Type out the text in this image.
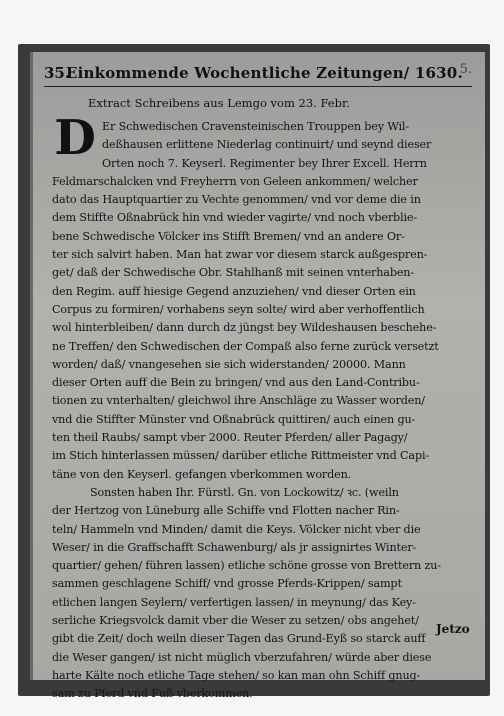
35.
Einkommende Wochentliche Zeitungen/ 1630.
5.
Extract Schreibens aus Lemgo vom 23. Febr.
D Er Schwedischen Cravensteinischen Trouppen bey Wil-
deßhausen erlittene Niederlag continuirt/ und seynd dieser
Orten noch 7. Keyserl. Regimenter bey Ihrer Excell. Herrn
Feldmarschalcken vnd Freyherrn von Geleen ankommen/ welcher
dato das Hauptquartier zu Vechte genommen/ vnd vor deme die in
dem Stiffte Oßnabrück hin vnd wieder vagirte/ vnd noch vberblie-
bene Schwedische Völcker ins Stifft Bremen/ vnd an andere Or-
ter sich salvirt haben. Man hat zwar vor diesem starck außgespren-
get/ daß der Schwedische Obr. Stahlhanß mit seinen vnterhaben-
den Regim. auff hiesige Gegend anzuziehen/ vnd dieser Orten ein
Corpus zu formiren/ vorhabens seyn solte/ wird aber verhoffentlich
wol hinterbleiben/ dann durch dz jüngst bey Wildeshausen beschehe-
ne Treffen/ den Schwedischen der Compaß also ferne zurück versetzt
worden/ daß/ vnangesehen sie sich widerstanden/ 20000. Mann
dieser Orten auff die Bein zu bringen/ vnd aus den Land-Contribu-
tionen zu vnterhalten/ gleichwol ihre Anschläge zu Wasser worden/
vnd die Stiffter Münster vnd Oßnabrück quittiren/ auch einen gu-
ten theil Raubs/ sampt vber 2000. Reuter Pferden/ aller Pagagy/
im Stich hinterlassen müssen/ darüber etliche Rittmeister vnd Capi-
täne von den Keyserl. gefangen vberkommen worden.
Sonsten haben Ihr. Fürstl. Gn. von Lockowitz/ ꝛc. (weiln
der Hertzog von Lüneburg alle Schiffe vnd Flotten nacher Rin-
teln/ Hammeln vnd Minden/ damit die Keys. Völcker nicht vber die
Weser/ in die Graffschafft Schawenburg/ als jr assignirtes Winter-
quartier/ gehen/ führen lassen) etliche schöne grosse von Brettern zu-
sammen geschlagene Schiff/ vnd grosse Pferds-Krippen/ sampt
etlichen langen Seylern/ verfertigen lassen/ in meynung/ das Key-
serliche Kriegsvolck damit vber die Weser zu setzen/ obs angehet/
gibt die Zeit/ doch weiln dieser Tagen das Grund-Eyß so starck auff
die Weser gangen/ ist nicht müglich vberzufahren/ würde aber diese
harte Kälte noch etliche Tage stehen/ so kan man ohn Schiff gnug-
sam zu Pferd vnd Fuß vberkommen.
Jetzo
